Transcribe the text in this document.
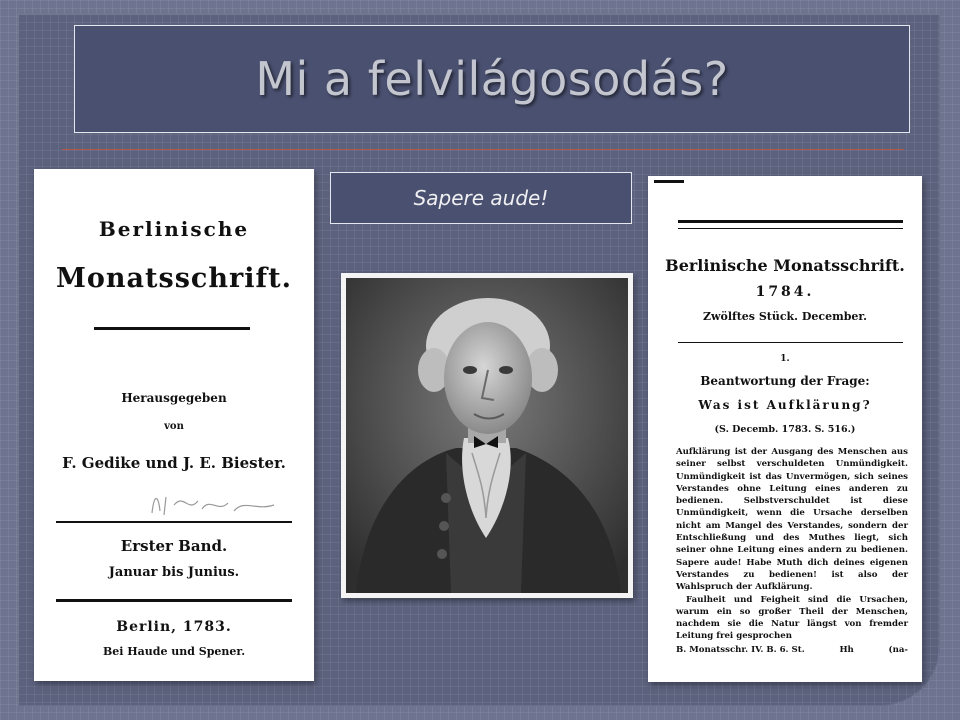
Mi a felvilágosodás?
Berlinische
Monatsschrift.
Herausgegeben
von
F. Gedike und J. E. Biester.
Erster Band.
Januar bis Junius.
Berlin, 1783.
Bei Haude und Spener.
Sapere aude!
Berlinische Monatsschrift.
1784.
Zwölftes Stück. December.
1.
Beantwortung der Frage:
Was ist Aufklärung?
(S. Decemb. 1783. S. 516.)
Aufklärung ist der Ausgang des Menschen aus seiner selbst verschuldeten Unmündigkeit. Unmündigkeit ist das Unvermögen, sich seines Verstandes ohne Leitung eines anderen zu bedienen. Selbstverschuldet ist diese Unmündigkeit, wenn die Ursache derselben nicht am Mangel des Verstandes, sondern der Entschließung und des Muthes liegt, sich seiner ohne Leitung eines andern zu bedienen. Sapere aude! Habe Muth dich deines eigenen Verstandes zu bedienen! ist also der Wahlspruch der Aufklärung.
Faulheit und Feigheit sind die Ursachen, warum ein so großer Theil der Menschen, nachdem sie die Natur längst von fremder Leitung frei gesprochen
B. Monatsschr. IV. B. 6. St.	Hh	(na-
